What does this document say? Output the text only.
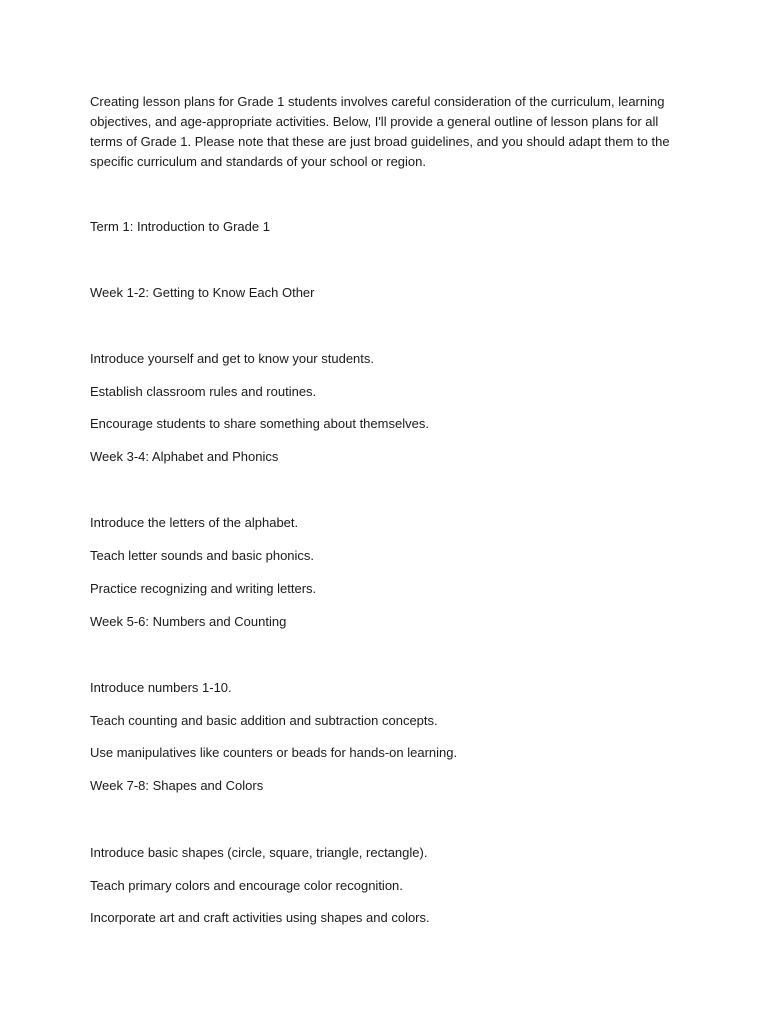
Creating lesson plans for Grade 1 students involves careful consideration of the curriculum, learning objectives, and age-appropriate activities. Below, I'll provide a general outline of lesson plans for all terms of Grade 1. Please note that these are just broad guidelines, and you should adapt them to the specific curriculum and standards of your school or region.

Term 1: Introduction to Grade 1

Week 1-2: Getting to Know Each Other

Introduce yourself and get to know your students.

Establish classroom rules and routines.

Encourage students to share something about themselves.

Week 3-4: Alphabet and Phonics

Introduce the letters of the alphabet.

Teach letter sounds and basic phonics.

Practice recognizing and writing letters.

Week 5-6: Numbers and Counting

Introduce numbers 1-10.

Teach counting and basic addition and subtraction concepts.

Use manipulatives like counters or beads for hands-on learning.

Week 7-8: Shapes and Colors

Introduce basic shapes (circle, square, triangle, rectangle).

Teach primary colors and encourage color recognition.

Incorporate art and craft activities using shapes and colors.
